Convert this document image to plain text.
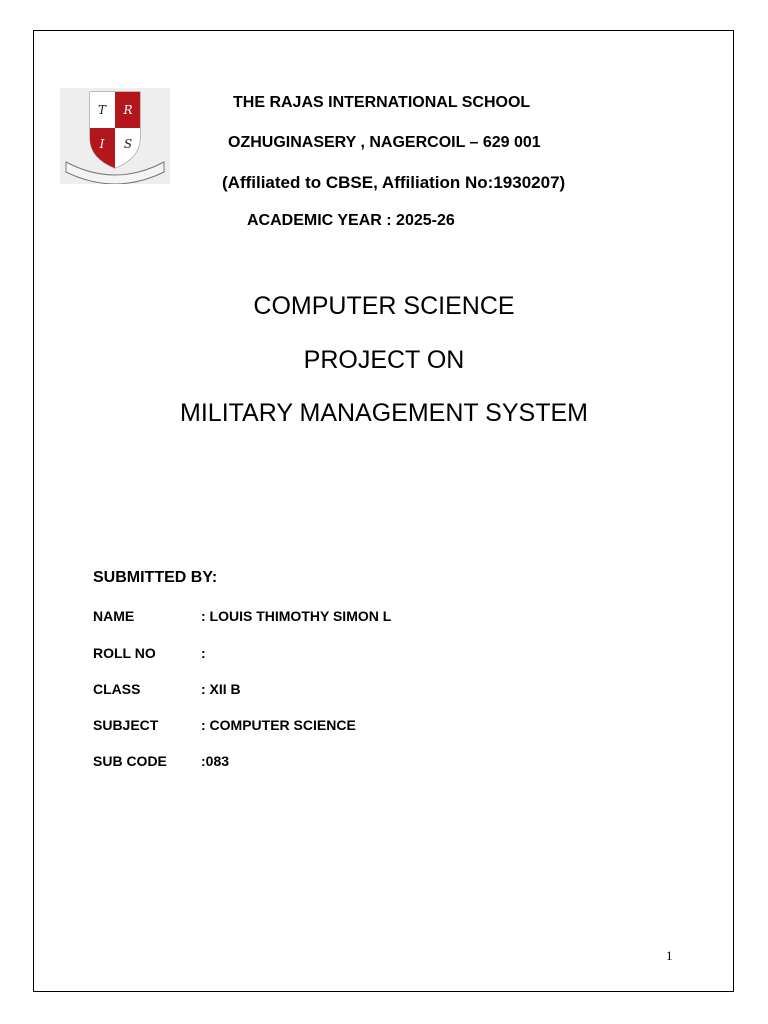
T R
I S
THE RAJAS INTERNATIONAL SCHOOL
OZHUGINASERY , NAGERCOIL – 629 001
(Affiliated to CBSE, Affiliation No:1930207)
ACADEMIC YEAR : 2025-26
COMPUTER SCIENCE
PROJECT ON
MILITARY MANAGEMENT SYSTEM
SUBMITTED BY:
NAME	: LOUIS THIMOTHY SIMON L
ROLL NO	:
CLASS	: XII B
SUBJECT	: COMPUTER SCIENCE
SUB CODE :083
1
